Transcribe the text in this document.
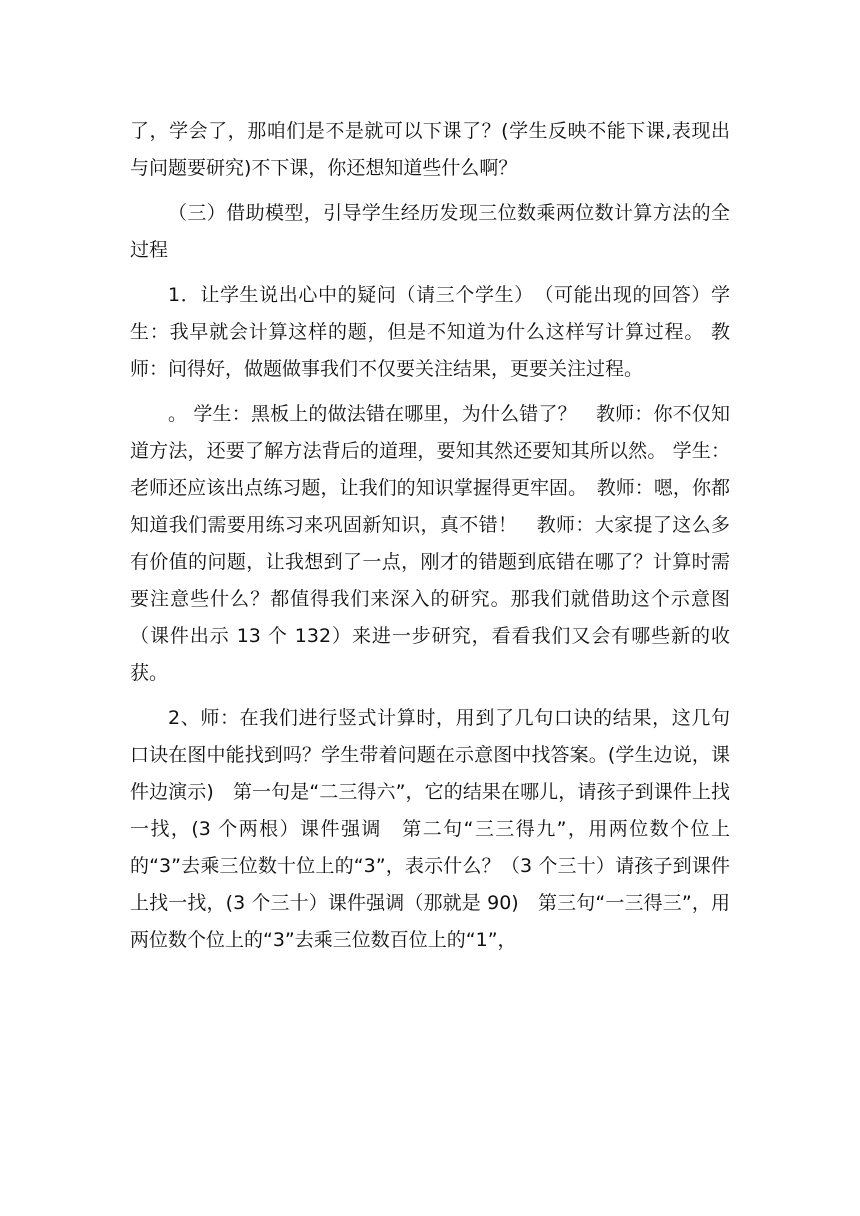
了，学会了，那咱们是不是就可以下课了？(学生反映不能下课,表现出与问题要研究)不下课，你还想知道些什么啊？

（三）借助模型，引导学生经历发现三位数乘两位数计算方法的全过程

1．让学生说出心中的疑问（请三个学生）　（可能出现的回答）学生：我早就会计算这样的题，但是不知道为什么这样写计算过程。 教师：问得好，做题做事我们不仅要关注结果，更要关注过程。

。 学生：黑板上的做法错在哪里，为什么错了？　教师：你不仅知道方法，还要了解方法背后的道理，要知其然还要知其所以然。 学生：老师还应该出点练习题，让我们的知识掌握得更牢固。　教师：嗯，你都知道我们需要用练习来巩固新知识，真不错！　教师：大家提了这么多有价值的问题，让我想到了一点，刚才的错题到底错在哪了？计算时需要注意些什么？都值得我们来深入的研究。那我们就借助这个示意图（课件出示 13 个 132）来进一步研究，看看我们又会有哪些新的收获。

2、师：在我们进行竖式计算时，用到了几句口诀的结果，这几句口诀在图中能找到吗？学生带着问题在示意图中找答案。(学生边说，课件边演示)　第一句是“二三得六”，它的结果在哪儿，请孩子到课件上找一找，(3 个两根）课件强调　第二句“三三得九”，用两位数个位上的“3”去乘三位数十位上的“3”，表示什么？（3 个三十）请孩子到课件上找一找，(3 个三十）课件强调（那就是 90)　第三句“一三得三”，用两位数个位上的“3”去乘三位数百位上的“1”，
